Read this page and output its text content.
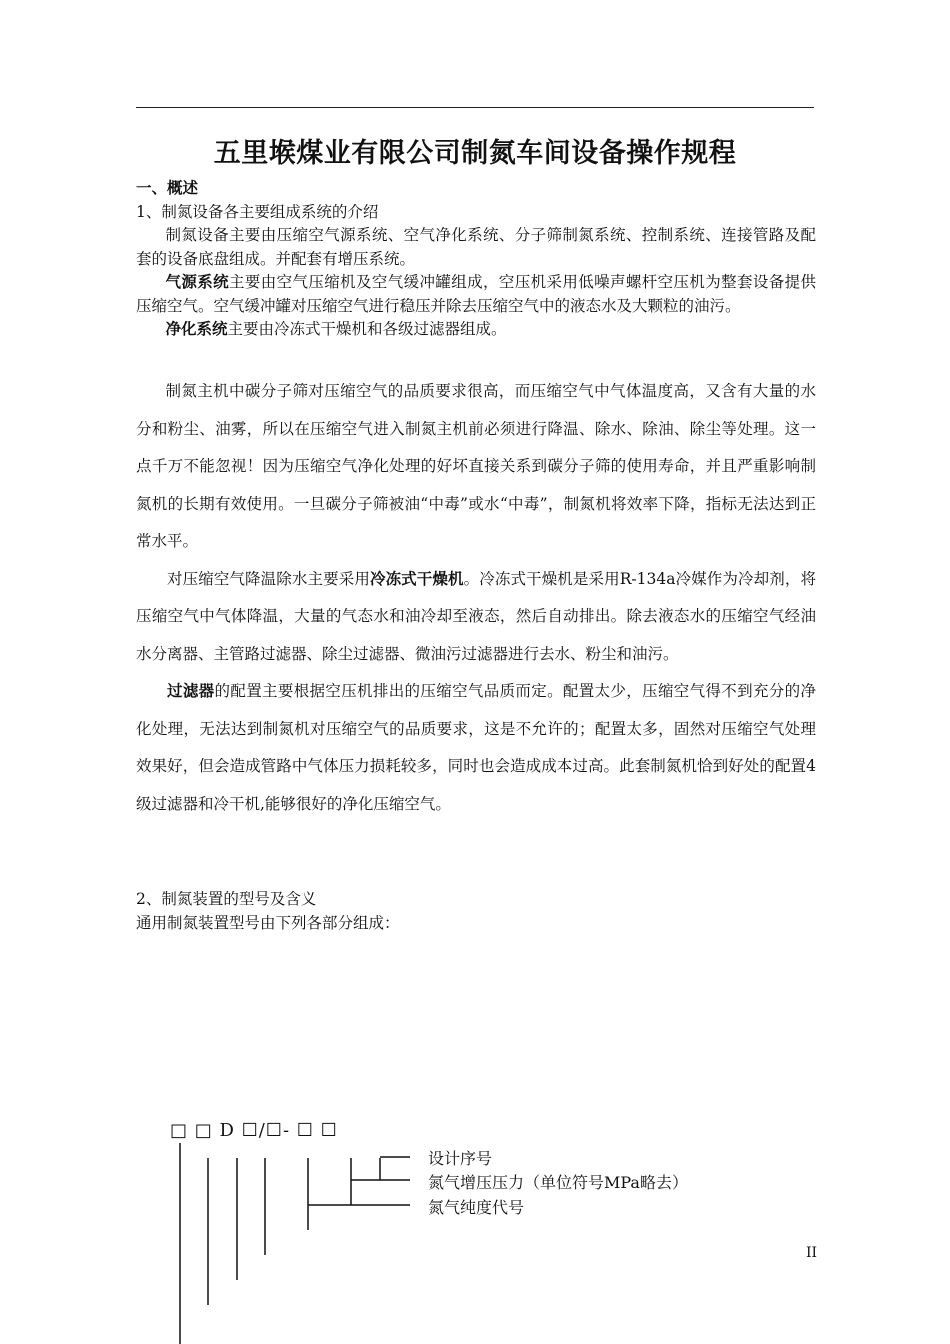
五里堠煤业有限公司制氮车间设备操作规程
一、概述
1、制氮设备各主要组成系统的介绍
制氮设备主要由压缩空气源系统、空气净化系统、分子筛制氮系统、控制系统、连接管路及配套的设备底盘组成。并配套有增压系统。
气源系统主要由空气压缩机及空气缓冲罐组成，空压机采用低噪声螺杆空压机为整套设备提供压缩空气。空气缓冲罐对压缩空气进行稳压并除去压缩空气中的液态水及大颗粒的油污。
净化系统主要由冷冻式干燥机和各级过滤器组成。
制氮主机中碳分子筛对压缩空气的品质要求很高，而压缩空气中气体温度高，又含有大量的水分和粉尘、油雾，所以在压缩空气进入制氮主机前必须进行降温、除水、除油、除尘等处理。这一点千万不能忽视！因为压缩空气净化处理的好坏直接关系到碳分子筛的使用寿命，并且严重影响制氮机的长期有效使用。一旦碳分子筛被油“中毒”或水“中毒”，制氮机将效率下降，指标无法达到正常水平。
对压缩空气降温除水主要采用冷冻式干燥机。冷冻式干燥机是采用R-134a冷媒作为冷却剂，将压缩空气中气体降温，大量的气态水和油冷却至液态，然后自动排出。除去液态水的压缩空气经油水分离器、主管路过滤器、除尘过滤器、微油污过滤器进行去水、粉尘和油污。
过滤器的配置主要根据空压机排出的压缩空气品质而定。配置太少，压缩空气得不到充分的净化处理，无法达到制氮机对压缩空气的品质要求，这是不允许的；配置太多，固然对压缩空气处理效果好，但会造成管路中气体压力损耗较多，同时也会造成成本过高。此套制氮机恰到好处的配置4级过滤器和冷干机,能够很好的净化压缩空气。
2、制氮装置的型号及含义
通用制氮装置型号由下列各部分组成：
□ □ D ☐/☐- ☐ ☐
设计序号
氮气增压压力（单位符号MPa略去）
氮气纯度代号
II
